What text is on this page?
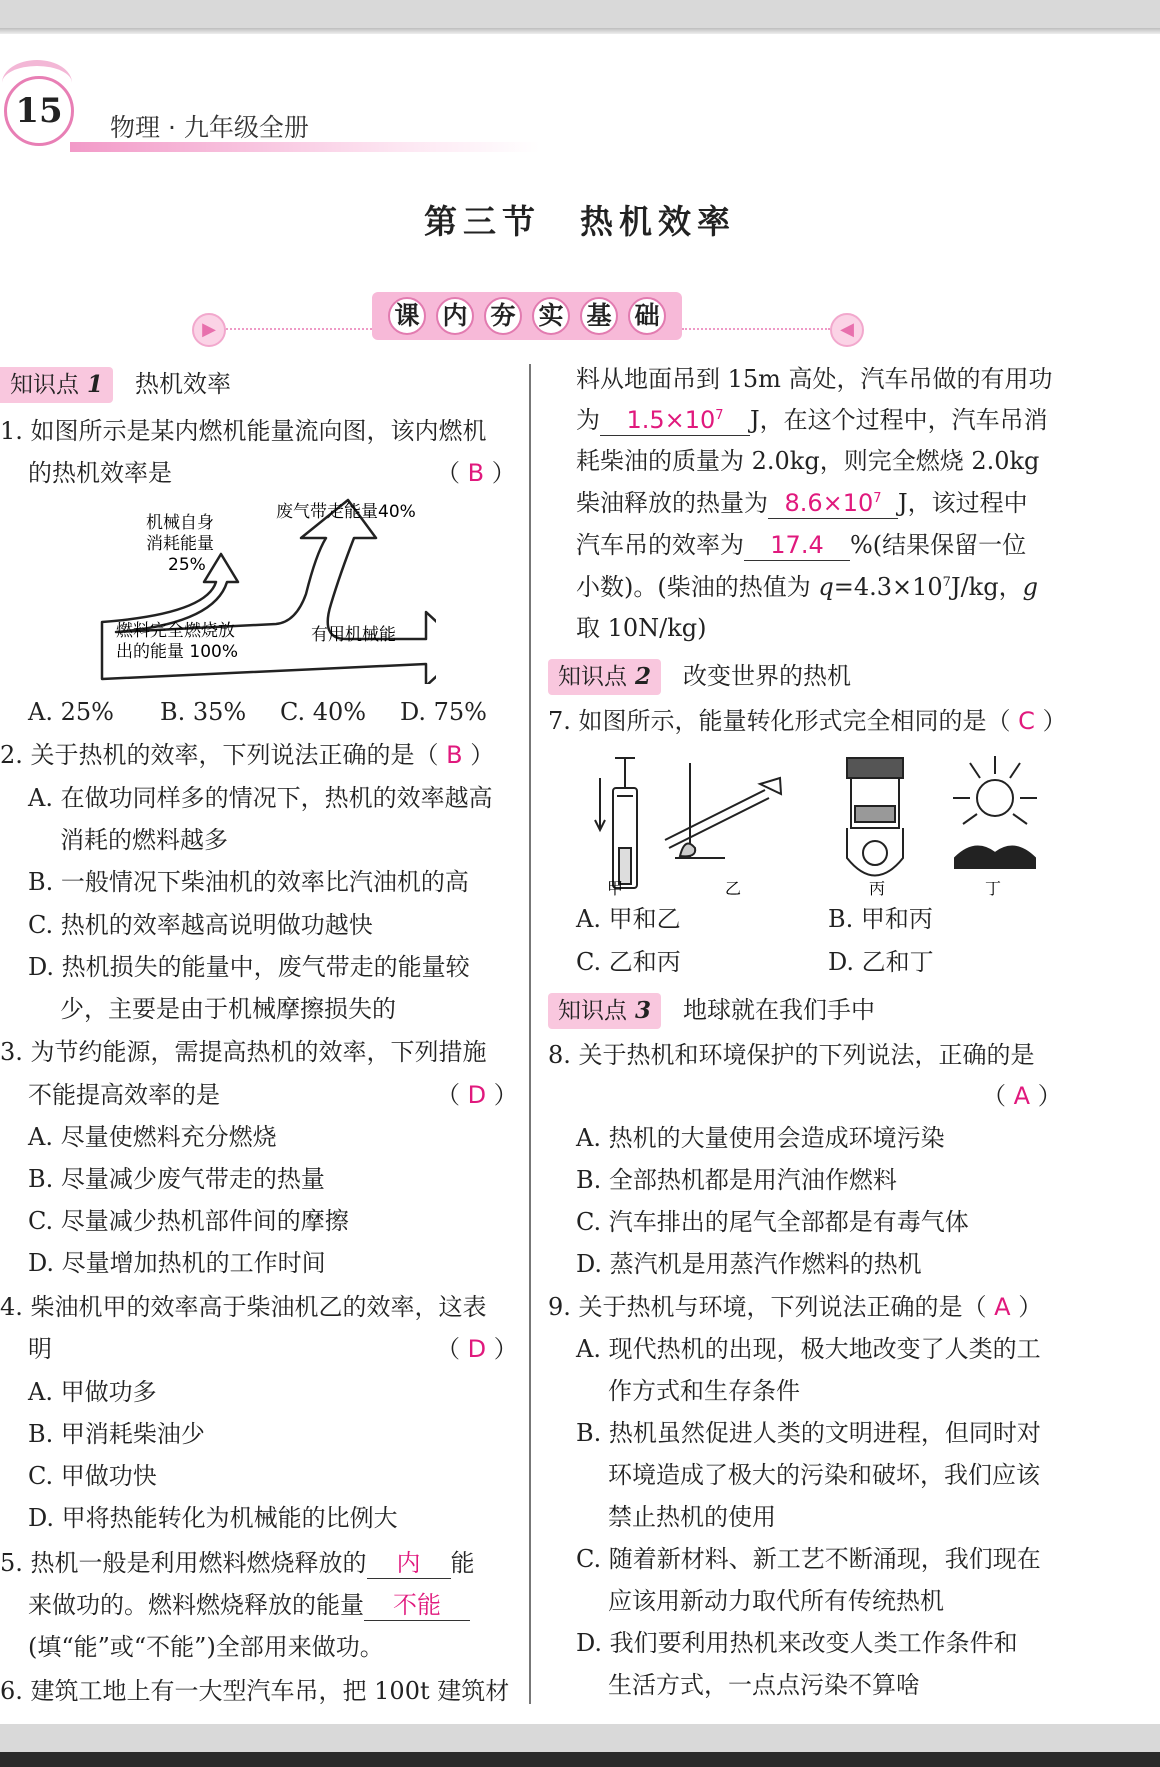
15	物理 · 九年级全册
第三节　热机效率
▶	◀
课 内 夯 实 基 础
知识点 1 热机效率
1. 如图所示是某内燃机能量流向图，该内燃机
的热机效率是	（ B ）
废气带走能量40%
机械自身
消耗能量
25%
燃料完全燃烧放
出的能量 100%
有用机械能
A. 25% B. 35% C. 40% D. 75%
2. 关于热机的效率，下列说法正确的是（ B ）
A. 在做功同样多的情况下，热机的效率越高
消耗的燃料越多
B. 一般情况下柴油机的效率比汽油机的高
C. 热机的效率越高说明做功越快
D. 热机损失的能量中，废气带走的能量较
少，主要是由于机械摩擦损失的
3. 为节约能源，需提高热机的效率，下列措施
不能提高效率的是	（ D ）
A. 尽量使燃料充分燃烧
B. 尽量减少废气带走的热量
C. 尽量减少热机部件间的摩擦
D. 尽量增加热机的工作时间
4. 柴油机甲的效率高于柴油机乙的效率，这表
明	（ D ）
A. 甲做功多
B. 甲消耗柴油少
C. 甲做功快
D. 甲将热能转化为机械能的比例大
5. 热机一般是利用燃料燃烧释放的 内 能
来做功的。燃料燃烧释放的能量 不能
(填“能”或“不能”)全部用来做功。
6. 建筑工地上有一大型汽车吊，把 100t 建筑材
料从地面吊到 15m 高处，汽车吊做的有用功
为 $1.5\times 10^7$ J，在这个过程中，汽车吊消
耗柴油的质量为 2.0kg，则完全燃烧 2.0kg
柴油释放的热量为 $8.6\times 10^7$ J，该过程中
汽车吊的效率为 17.4 %(结果保留一位
小数)。(柴油的热值为 $q=4.3\times 10^7J/kg$，g
取 10N/kg)
知识点 2 改变世界的热机
7. 如图所示，能量转化形式完全相同的是（ C ）
甲	乙	丙	丁
A. 甲和乙	B. 甲和丙
C. 乙和丙	D. 乙和丁
知识点 3 地球就在我们手中
8. 关于热机和环境保护的下列说法，正确的是
（ A ）
A. 热机的大量使用会造成环境污染
B. 全部热机都是用汽油作燃料
C. 汽车排出的尾气全部都是有毒气体
D. 蒸汽机是用蒸汽作燃料的热机
9. 关于热机与环境，下列说法正确的是（ A ）
A. 现代热机的出现，极大地改变了人类的工
作方式和生存条件
B. 热机虽然促进人类的文明进程，但同时对
环境造成了极大的污染和破坏，我们应该
禁止热机的使用
C. 随着新材料、新工艺不断涌现，我们现在
应该用新动力取代所有传统热机
D. 我们要利用热机来改变人类工作条件和
生活方式，一点点污染不算啥
